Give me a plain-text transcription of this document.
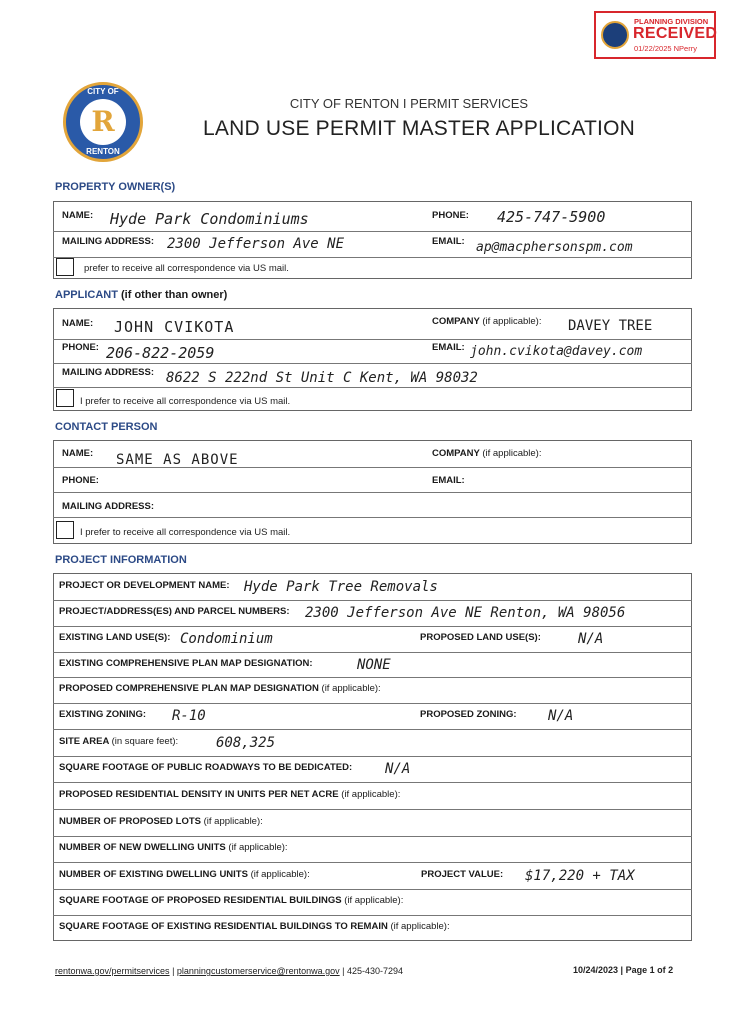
PLANNING DIVISION
RECEIVED
01/22/2025 NPerry
CITY OF
R
RENTON
CITY OF RENTON I PERMIT SERVICES
LAND USE PERMIT MASTER APPLICATION
PROPERTY OWNER(S)
NAME: Hyde Park Condominiums	PHONE: 425-747-5900
MAILING ADDRESS: 2300 Jefferson Ave NE	EMAIL: ap@macphersonspm.com
prefer to receive all correspondence via US mail.
APPLICANT (if other than owner)
NAME: JOHN CVIKOTA	COMPANY (if applicable): DAVEY TREE
PHONE: 206-822-2059	EMAIL: john.cvikota@davey.com
MAILING ADDRESS: 8622 S 222nd St Unit C Kent, WA 98032
I prefer to receive all correspondence via US mail.
CONTACT PERSON
NAME: SAME AS ABOVE	COMPANY (if applicable):
PHONE:	EMAIL:
MAILING ADDRESS:
I prefer to receive all correspondence via US mail.
PROJECT INFORMATION
PROJECT OR DEVELOPMENT NAME: Hyde Park Tree Removals
PROJECT/ADDRESS(ES) AND PARCEL NUMBERS: 2300 Jefferson Ave NE Renton, WA 98056
EXISTING LAND USE(S): Condominium	PROPOSED LAND USE(S):	N/A
EXISTING COMPREHENSIVE PLAN MAP DESIGNATION:	NONE
PROPOSED COMPREHENSIVE PLAN MAP DESIGNATION (if applicable):
EXISTING ZONING: R-10	PROPOSED ZONING: N/A
SITE AREA (in square feet):	608,325
SQUARE FOOTAGE OF PUBLIC ROADWAYS TO BE DEDICATED: N/A
PROPOSED RESIDENTIAL DENSITY IN UNITS PER NET ACRE (if applicable):
NUMBER OF PROPOSED LOTS (if applicable):
NUMBER OF NEW DWELLING UNITS (if applicable):
NUMBER OF EXISTING DWELLING UNITS (if applicable):	PROJECT VALUE: $17,220 + TAX
SQUARE FOOTAGE OF PROPOSED RESIDENTIAL BUILDINGS (if applicable):
SQUARE FOOTAGE OF EXISTING RESIDENTIAL BUILDINGS TO REMAIN (if applicable):
rentonwa.gov/permitservices | planningcustomerservice@rentonwa.gov | 425-430-7294	10/24/2023 | Page 1 of 2
